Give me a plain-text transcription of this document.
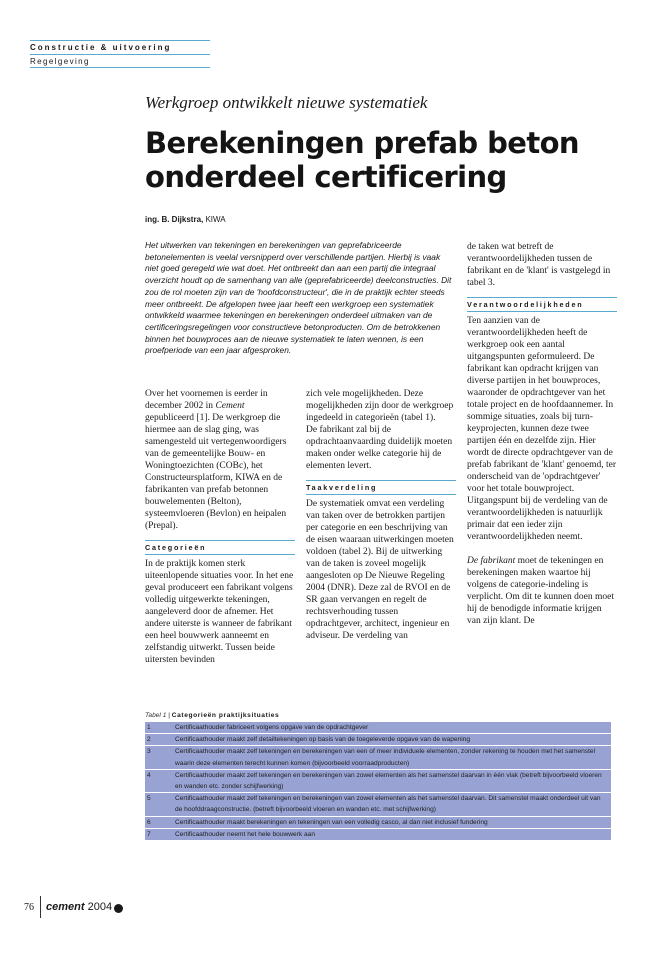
Constructie & uitvoering
Regelgeving
Werkgroep ontwikkelt nieuwe systematiek
Berekeningen prefab beton onderdeel certificering
ing. B. Dijkstra, KIWA

Het uitwerken van tekeningen en berekeningen van geprefabriceerde betonelementen is veelal versnipperd over verschillende partijen. Hierbij is vaak niet goed geregeld wie wat doet. Het ontbreekt dan aan een partij die integraal overzicht houdt op de samenhang van alle (geprefabriceerde) deelconstructies. Dit zou de rol moeten zijn van de 'hoofdconstructeur', die in de praktijk echter steeds meer ontbreekt. De afgelopen twee jaar heeft een werkgroep een systematiek ontwikkeld waarmee tekeningen en berekeningen onderdeel uitmaken van de certificeringsregelingen voor constructieve betonproducten. Om de betrokkenen binnen het bouwproces aan de nieuwe systematiek te laten wennen, is een proefperiode van een jaar afgesproken.

Over het voornemen is eerder in december 2002 in Cement gepubliceerd [1]. De werkgroep die hiermee aan de slag ging, was samengesteld uit vertegenwoordigers van de gemeentelijke Bouw- en Woningtoezichten (COBc), het Constructeursplatform, KIWA en de fabrikanten van prefab betonnen bouwelementen (Belton), systeemvloeren (Bevlon) en heipalen (Prepal).

Categorieën

In de praktijk komen sterk uiteenlopende situaties voor. In het ene geval produceert een fabrikant volgens volledig uitgewerkte tekeningen, aangeleverd door de afnemer. Het andere uiterste is wanneer de fabrikant een heel bouwwerk aanneemt en zelfstandig uitwerkt. Tussen beide uitersten bevinden

zich vele mogelijkheden. Deze mogelijkheden zijn door de werkgroep ingedeeld in categorieën (tabel 1).

De fabrikant zal bij de opdrachtaanvaarding duidelijk moeten maken onder welke categorie hij de elementen levert.

Taakverdeling

De systematiek omvat een verdeling van taken over de betrokken partijen per categorie en een beschrijving van de eisen waaraan uitwerkingen moeten voldoen (tabel 2). Bij de uitwerking van de taken is zoveel mogelijk aangesloten op De Nieuwe Regeling 2004 (DNR). Deze zal de RVOI en de SR gaan vervangen en regelt de rechtsverhouding tussen opdrachtgever, architect, ingenieur en adviseur. De verdeling van

de taken wat betreft de verantwoordelijkheden tussen de fabrikant en de 'klant' is vastgelegd in tabel 3.

Verantwoordelijkheden

Ten aanzien van de verantwoordelijkheden heeft de werkgroep ook een aantal uitgangspunten geformuleerd. De fabrikant kan opdracht krijgen van diverse partijen in het bouwproces, waaronder de opdrachtgever van het totale project en de hoofdaannemer. In sommige situaties, zoals bij turn-keyprojecten, kunnen deze twee partijen één en dezelfde zijn. Hier wordt de directe opdrachtgever van de prefab fabrikant de 'klant' genoemd, ter onderscheid van de 'opdrachtgever' voor het totale bouwproject.

Uitgangspunt bij de verdeling van de verantwoordelijkheden is natuurlijk primair dat een ieder zijn verantwoordelijkheden neemt.

De fabrikant moet de tekeningen en berekeningen maken waartoe hij volgens de categorie-indeling is verplicht. Om dit te kunnen doen moet hij de benodigde informatie krijgen van zijn klant. De

Tabel 1 | Categorieën praktijksituaties
1	Certificaathouder fabriceert volgens opgave van de opdrachtgever
2	Certificaathouder maakt zelf detailtekeningen op basis van de toegeleverde opgave van de wapening
3	Certificaathouder maakt zelf tekeningen en berekeningen van een of meer individuele elementen, zonder rekening te houden met het samenstel waarin deze elementen terecht kunnen komen (bijvoorbeeld voorraadproducten)
4	Certificaathouder maakt zelf tekeningen en berekeningen van zowel elementen als het samenstel daarvan in één vlak (betreft bijvoorbeeld vloeren en wanden etc. zonder schijfwerking)
5	Certificaathouder maakt zelf tekeningen en berekeningen van zowel elementen als het samenstel daarvan. Dit samenstel maakt onderdeel uit van de hoofddraagconstructie. (betreft bijvoorbeeld vloeren en wanden etc. met schijfwerking)
6	Certificaathouder maakt berekeningen en tekeningen van een volledig casco, al dan niet inclusief fundering
7	Certificaathouder neemt het hele bouwwerk aan
76 cement 2004
